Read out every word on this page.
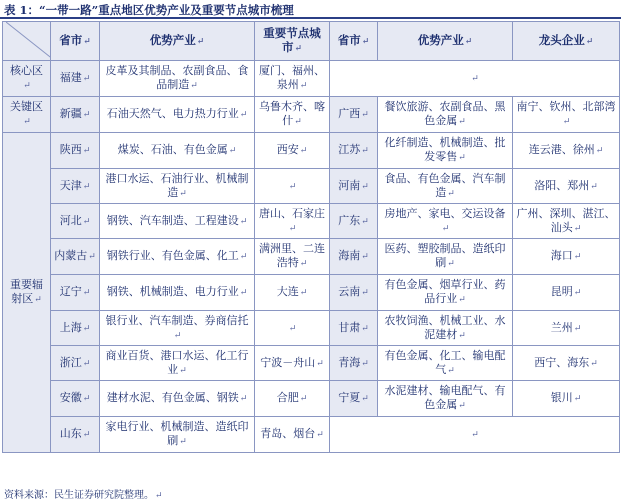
表 1：“一带一路”重点地区优势产业及重要节点城市梳理
	省市↵	优势产业↵	重要节点城市↵	省市↵	优势产业↵	龙头企业↵
核心区↵	福建↵	皮革及其制品、农副食品、食品制造↵	厦门、福州、泉州↵	↵		
关键区↵	新疆↵	石油天然气、电力热力行业↵	乌鲁木齐、喀什↵	广西↵	餐饮旅游、农副食品、黑色金属↵	南宁、钦州、北部湾↵
重要辐射区↵	陕西↵	煤炭、石油、有色金属↵	西安↵	江苏↵	化纤制造、机械制造、批发零售↵	连云港、徐州↵
	天津↵	港口水运、石油行业、机械制造↵	↵	河南↵	食品、有色金属、汽车制造↵	洛阳、郑州↵
	河北↵	钢铁、汽车制造、工程建设↵	唐山、石家庄↵	广东↵	房地产、家电、交运设备↵	广州、深圳、湛江、汕头↵
	内蒙古↵	钢铁行业、有色金属、化工↵	满洲里、二连浩特↵	海南↵	医药、塑胶制品、造纸印刷↵	海口↵
	辽宁↵	钢铁、机械制造、电力行业↵	大连↵	云南↵	有色金属、烟草行业、药品行业↵	昆明↵
	上海↵	银行业、汽车制造、券商信托↵	↵	甘肃↵	农牧饲渔、机械工业、水泥建材↵	兰州↵
	浙江↵	商业百货、港口水运、化工行业↵	宁波－舟山↵	青海↵	有色金属、化工、输电配气↵	西宁、海东↵
	安徽↵	建材水泥、有色金属、钢铁↵	合肥↵	宁夏↵	水泥建材、输电配气、有色金属↵	银川↵
	山东↵	家电行业、机械制造、造纸印刷↵	青岛、烟台↵	↵		
资料来源：民生证券研究院整理。↵
